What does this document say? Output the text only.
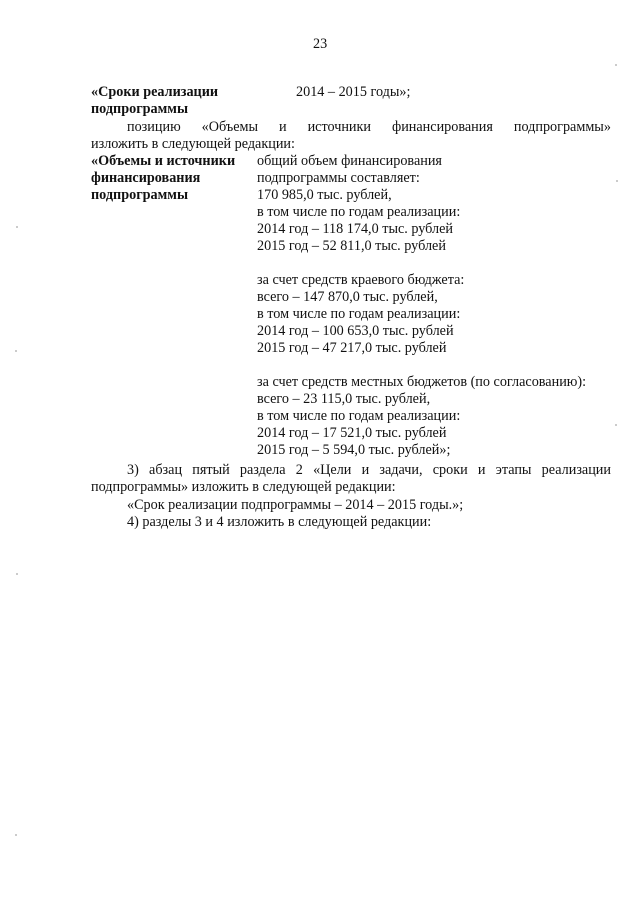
23
«Сроки реализации
подпрограммы
2014 – 2015 годы»;
позицию «Объемы и источники финансирования подпрограммы»
изложить в следующей редакции:
«Объемы и источники
финансирования
подпрограммы
общий объем финансирования
подпрограммы составляет:
170 985,0 тыс. рублей,
в том числе по годам реализации:
2014 год – 118 174,0 тыс. рублей
2015 год – 52 811,0 тыс. рублей
за счет средств краевого бюджета:
всего – 147 870,0 тыс. рублей,
в том числе по годам реализации:
2014 год – 100 653,0 тыс. рублей
2015 год – 47 217,0 тыс. рублей
за счет средств местных бюджетов (по согласованию):
всего – 23 115,0 тыс. рублей,
в том числе по годам реализации:
2014 год – 17 521,0 тыс. рублей
2015 год – 5 594,0 тыс. рублей»;
3) абзац пятый раздела 2 «Цели и задачи, сроки и этапы реализации
подпрограммы» изложить в следующей редакции:
«Срок реализации подпрограммы – 2014 – 2015 годы.»;
4) разделы 3 и 4 изложить в следующей редакции:
